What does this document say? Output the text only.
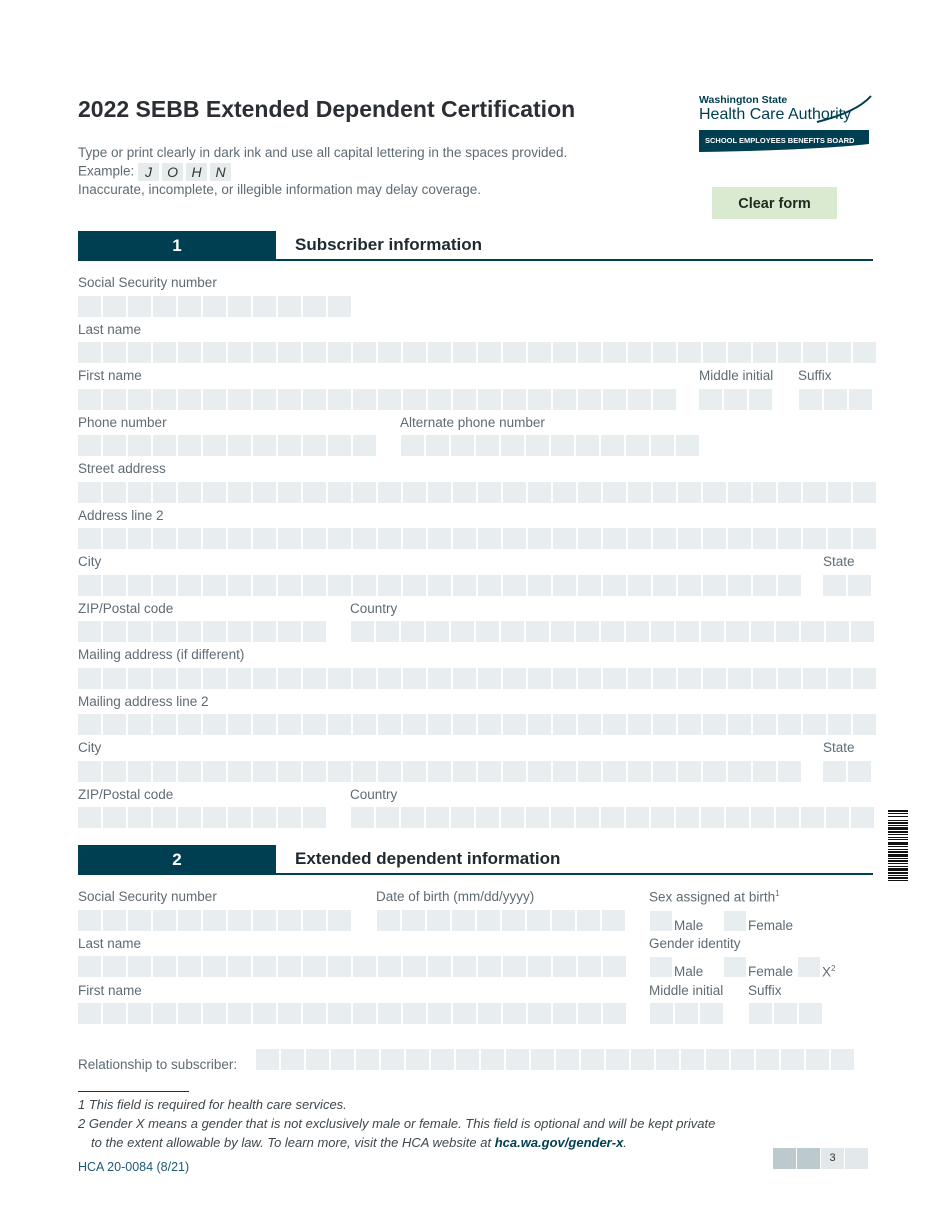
2022 SEBB Extended Dependent Certification
Type or print clearly in dark ink and use all capital lettering in the spaces provided.
Example: J O H N
Inaccurate, incomplete, or illegible information may delay coverage.
Washington State
Health Care Authority
SCHOOL EMPLOYEES BENEFITS BOARD
Clear form
1	Subscriber information
Social Security number
Last name
First name	Middle initial Suffix
Phone number	Alternate phone number
Street address
Address line 2
City	State
ZIP/Postal code	Country
Mailing address (if different)
Mailing address line 2
City	State
ZIP/Postal code	Country
2	Extended dependent information
Social Security number	Date of birth (mm/dd/yyyy)	Sex assigned at birth$^1$
Male	Female
Last name	Gender identity
Male	Female $X^2$
First name	Middle initial Suffix
Relationship to subscriber:
1 This field is required for health care services.
2 Gender X means a gender that is not exclusively male or female. This field is optional and will be kept private
to the extent allowable by law. To learn more, visit the HCA website at hca.wa.gov/gender-x.
HCA 20-0084 (8/21)
3
